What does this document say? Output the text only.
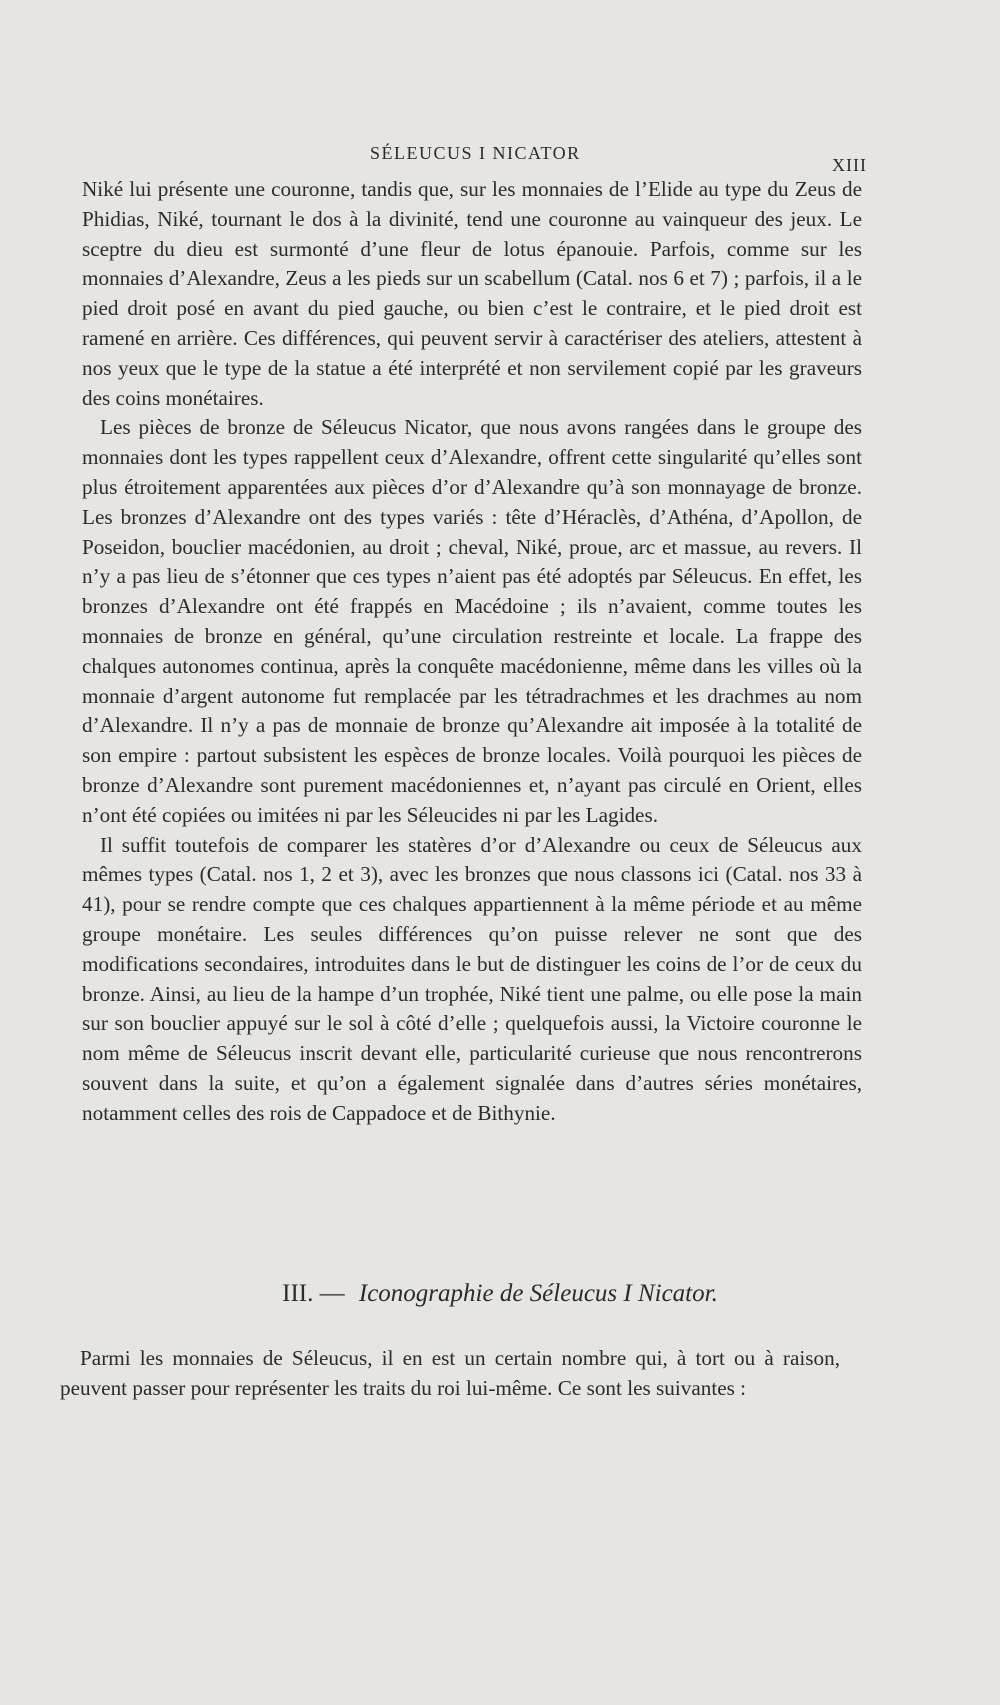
SÉLEUCUS I NICATOR
XIII

Niké lui présente une couronne, tandis que, sur les monnaies de l’Elide au type du Zeus de Phidias, Niké, tournant le dos à la divinité, tend une couronne au vainqueur des jeux. Le sceptre du dieu est surmonté d’une fleur de lotus épanouie. Parfois, comme sur les monnaies d’Alexandre, Zeus a les pieds sur un scabellum (Catal. nos 6 et 7) ; parfois, il a le pied droit posé en avant du pied gauche, ou bien c’est le contraire, et le pied droit est ramené en arrière. Ces différences, qui peuvent servir à caractériser des ateliers, attestent à nos yeux que le type de la statue a été interprété et non servilement copié par les graveurs des coins monétaires.

Les pièces de bronze de Séleucus Nicator, que nous avons rangées dans le groupe des monnaies dont les types rappellent ceux d’Alexandre, offrent cette singularité qu’elles sont plus étroitement apparentées aux pièces d’or d’Alexandre qu’à son monnayage de bronze. Les bronzes d’Alexandre ont des types variés : tête d’Héraclès, d’Athéna, d’Apollon, de Poseidon, bouclier macédonien, au droit ; cheval, Niké, proue, arc et massue, au revers. Il n’y a pas lieu de s’étonner que ces types n’aient pas été adoptés par Séleucus. En effet, les bronzes d’Alexandre ont été frappés en Macédoine ; ils n’avaient, comme toutes les monnaies de bronze en général, qu’une circulation restreinte et locale. La frappe des chalques autonomes continua, après la conquête macédonienne, même dans les villes où la monnaie d’argent autonome fut remplacée par les tétradrachmes et les drachmes au nom d’Alexandre. Il n’y a pas de monnaie de bronze qu’Alexandre ait imposée à la totalité de son empire : partout subsistent les espèces de bronze locales. Voilà pourquoi les pièces de bronze d’Alexandre sont purement macédoniennes et, n’ayant pas circulé en Orient, elles n’ont été copiées ou imitées ni par les Séleucides ni par les Lagides.

Il suffit toutefois de comparer les statères d’or d’Alexandre ou ceux de Séleucus aux mêmes types (Catal. nos 1, 2 et 3), avec les bronzes que nous classons ici (Catal. nos 33 à 41), pour se rendre compte que ces chalques appartiennent à la même période et au même groupe monétaire. Les seules différences qu’on puisse relever ne sont que des modifications secondaires, introduites dans le but de distinguer les coins de l’or de ceux du bronze. Ainsi, au lieu de la hampe d’un trophée, Niké tient une palme, ou elle pose la main sur son bouclier appuyé sur le sol à côté d’elle ; quelquefois aussi, la Victoire couronne le nom même de Séleucus inscrit devant elle, particularité curieuse que nous rencontrerons souvent dans la suite, et qu’on a également signalée dans d’autres séries monétaires, notamment celles des rois de Cappadoce et de Bithynie.

III. — Iconographie de Séleucus I Nicator.

Parmi les monnaies de Séleucus, il en est un certain nombre qui, à tort ou à raison, peuvent passer pour représenter les traits du roi lui-même. Ce sont les suivantes :
